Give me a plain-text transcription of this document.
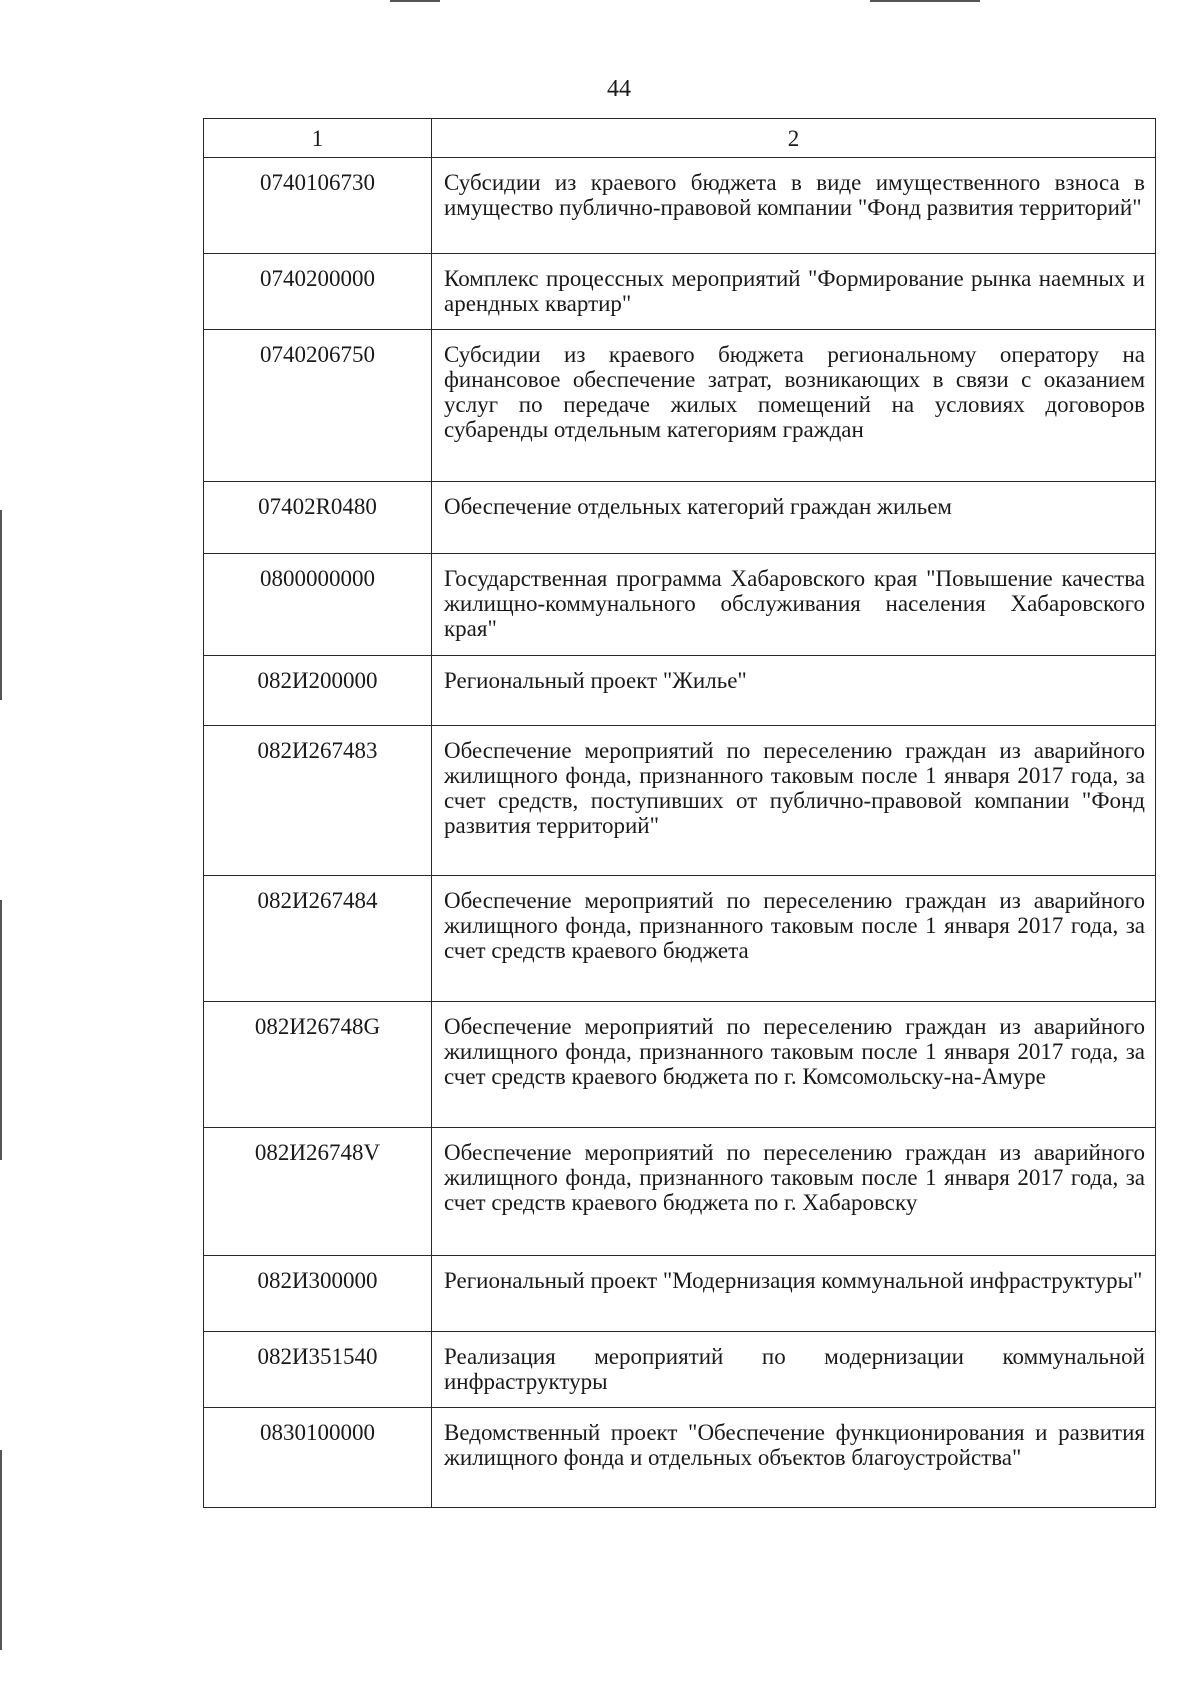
44
1	2
0740106730	Субсидии из краевого бюджета в виде имущественного взноса в имущество публично-правовой компании "Фонд развития территорий"
0740200000	Комплекс процессных мероприятий "Формирование рынка наемных и арендных квартир"
0740206750	Субсидии из краевого бюджета региональному оператору на финансовое обеспечение затрат, возникающих в связи с оказанием услуг по передаче жилых помещений на условиях договоров субаренды отдельным категориям граждан
07402R0480	Обеспечение отдельных категорий граждан жильем
0800000000	Государственная программа Хабаровского края "Повышение качества жилищно-коммунального обслуживания населения Хабаровского края"
082И200000	Региональный проект "Жилье"
082И267483	Обеспечение мероприятий по переселению граждан из аварийного жилищного фонда, признанного таковым после 1 января 2017 года, за счет средств, поступивших от публично-правовой компании "Фонд развития территорий"
082И267484	Обеспечение мероприятий по переселению граждан из аварийного жилищного фонда, признанного таковым после 1 января 2017 года, за счет средств краевого бюджета
082И26748G	Обеспечение мероприятий по переселению граждан из аварийного жилищного фонда, признанного таковым после 1 января 2017 года, за счет средств краевого бюджета по г. Комсомольску-на-Амуре
082И26748V	Обеспечение мероприятий по переселению граждан из аварийного жилищного фонда, признанного таковым после 1 января 2017 года, за счет средств краевого бюджета по г. Хабаровску
082И300000	Региональный проект "Модернизация коммунальной инфраструктуры"
082И351540	Реализация мероприятий по модернизации коммунальной инфраструктуры
0830100000	Ведомственный проект "Обеспечение функционирования и развития жилищного фонда и отдельных объектов благоустройства"
